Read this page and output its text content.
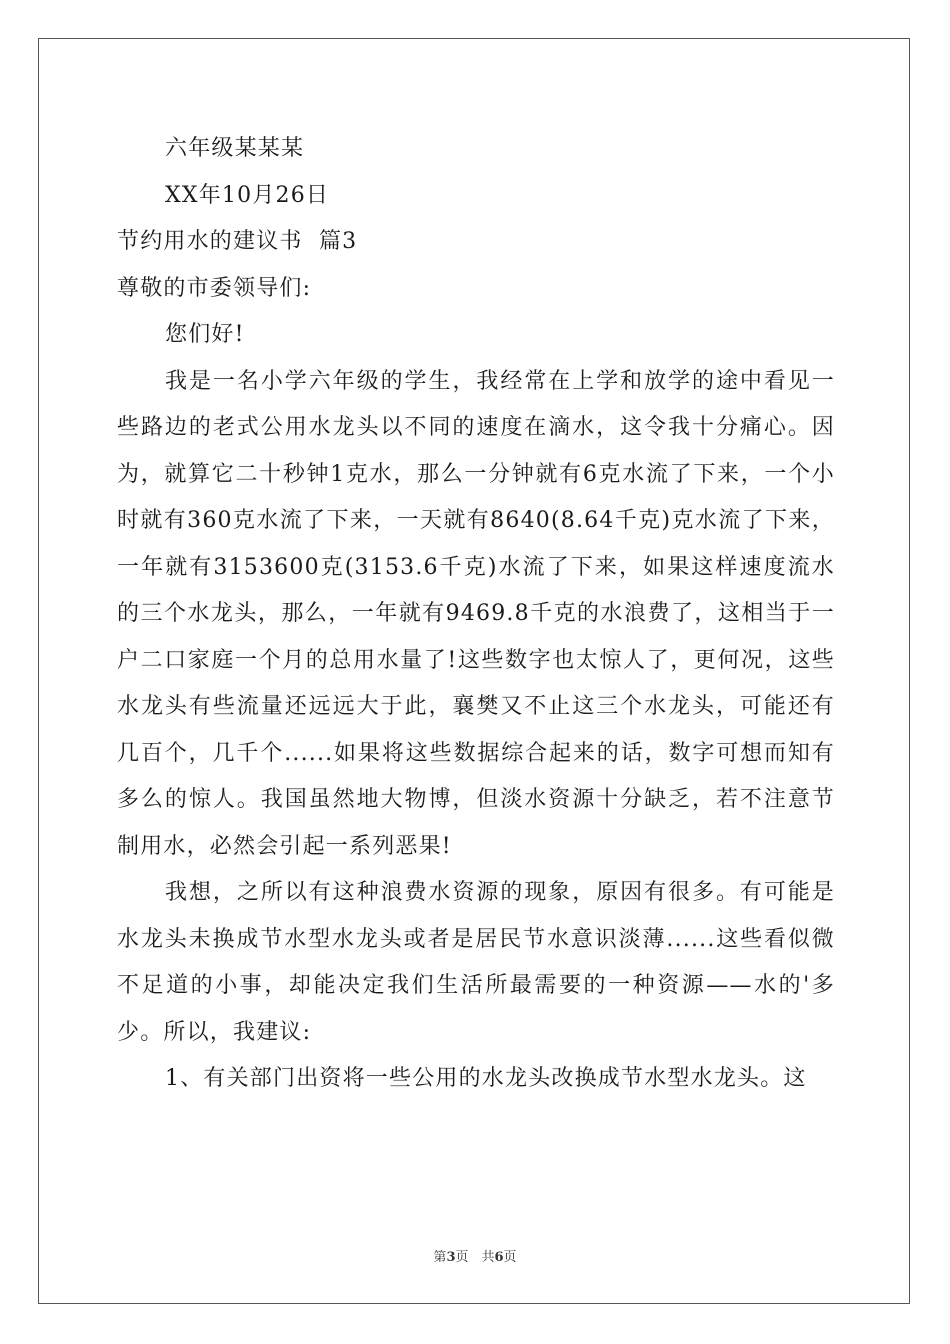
六年级某某某
XX年10月26日
节约用水的建议书  篇3
尊敬的市委领导们:
您们好!

我是一名小学六年级的学生，我经常在上学和放学的途中看见一些路边的老式公用水龙头以不同的速度在滴水，这令我十分痛心。因为，就算它二十秒钟1克水，那么一分钟就有6克水流了下来，一个小时就有360克水流了下来，一天就有8640(8.64千克)克水流了下来，一年就有3153600克(3153.6千克)水流了下来，如果这样速度流水的三个水龙头，那么，一年就有9469.8千克的水浪费了，这相当于一户二口家庭一个月的总用水量了!这些数字也太惊人了，更何况，这些水龙头有些流量还远远大于此，襄樊又不止这三个水龙头，可能还有几百个，几千个......如果将这些数据综合起来的话，数字可想而知有多么的惊人。我国虽然地大物博，但淡水资源十分缺乏，若不注意节制用水，必然会引起一系列恶果!

我想，之所以有这种浪费水资源的现象，原因有很多。有可能是水龙头未换成节水型水龙头或者是居民节水意识淡薄......这些看似微不足道的小事，却能决定我们生活所最需要的一种资源——水的'多少。所以，我建议:

1、有关部门出资将一些公用的水龙头改换成节水型水龙头。这

第3页　共6页
